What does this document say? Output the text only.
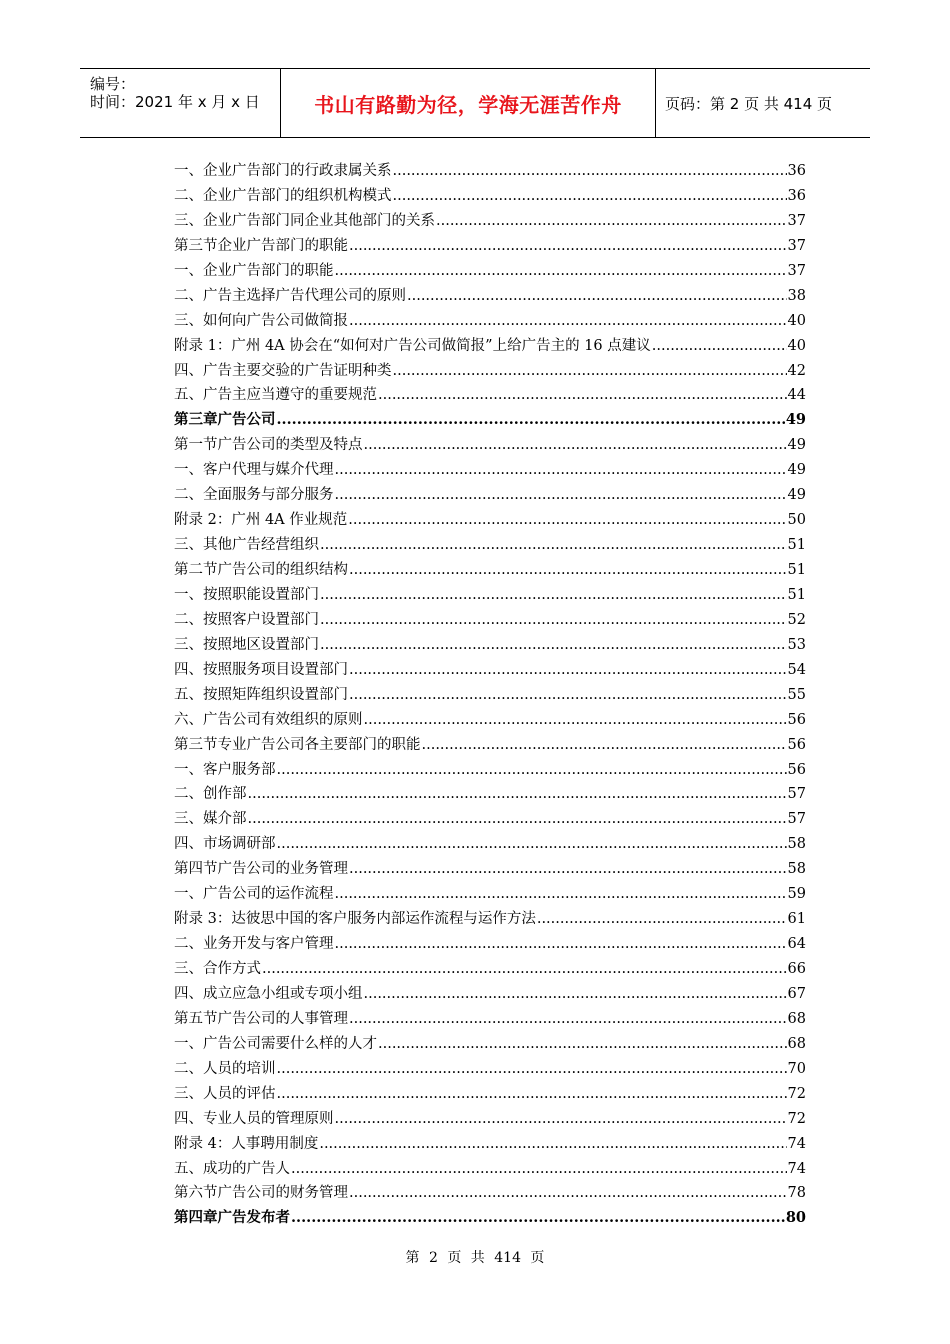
编号：
时间：2021 年 x 月 x 日	书山有路勤为径，学海无涯苦作舟	页码：第 2 页 共 414 页
一、 企业广告部门的行政隶属关系 .....	36
二、 企业广告部门的组织机构模式 .....	36
三、 企业广告部门同企业其他部门的关系 .....	37
第三节 企业广告部门的职能 .....	37
一、 企业广告部门的职能 .....	37
二、 广告主选择广告代理公司的原则 .....	38
三、 如何向广告公司做简报 .....	40
附录 1： 广州 4A 协会在“如何对广告公司做简报”上给广告主的 16 点建议 .....	40
四、 广告主要交验的广告证明种类 .....	42
五、 广告主应当遵守的重要规范 .....	44
第三章 广告公司 .....	49
第一节 广告公司的类型及特点 .....	49
一、 客户代理与媒介代理 .....	49
二、 全面服务与部分服务 .....	49
附录 2： 广州 4A 作业规范 .....	50
三、 其他广告经营组织 .....	51
第二节 广告公司的组织结构 .....	51
一、 按照职能设置部门 .....	51
二、 按照客户设置部门 .....	52
三、 按照地区设置部门 .....	53
四、 按照服务项目设置部门 .....	54
五、 按照矩阵组织设置部门 .....	55
六、 广告公司有效组织的原则 .....	56
第三节 专业广告公司各主要部门的职能 .....	56
一、 客户服务部 .....	56
二、 创作部 .....	57
三、 媒介部 .....	57
四、 市场调研部 .....	58
第四节 广告公司的业务管理 .....	58
一、 广告公司的运作流程 .....	59
附录 3： 达彼思中国的客户服务内部运作流程与运作方法 .....	61
二、 业务开发与客户管理 .....	64
三、 合作方式 .....	66
四、 成立应急小组或专项小组 .....	67
第五节 广告公司的人事管理 .....	68
一、 广告公司需要什么样的人才 .....	68
二、 人员的培训 .....	70
三、 人员的评估 .....	72
四、 专业人员的管理原则 .....	72
附录 4： 人事聘用制度 .....	74
五、 成功的广告人 .....	74
第六节 广告公司的财务管理 .....	78
第四章 广告发布者 .....	80
第 2 页 共 414 页
